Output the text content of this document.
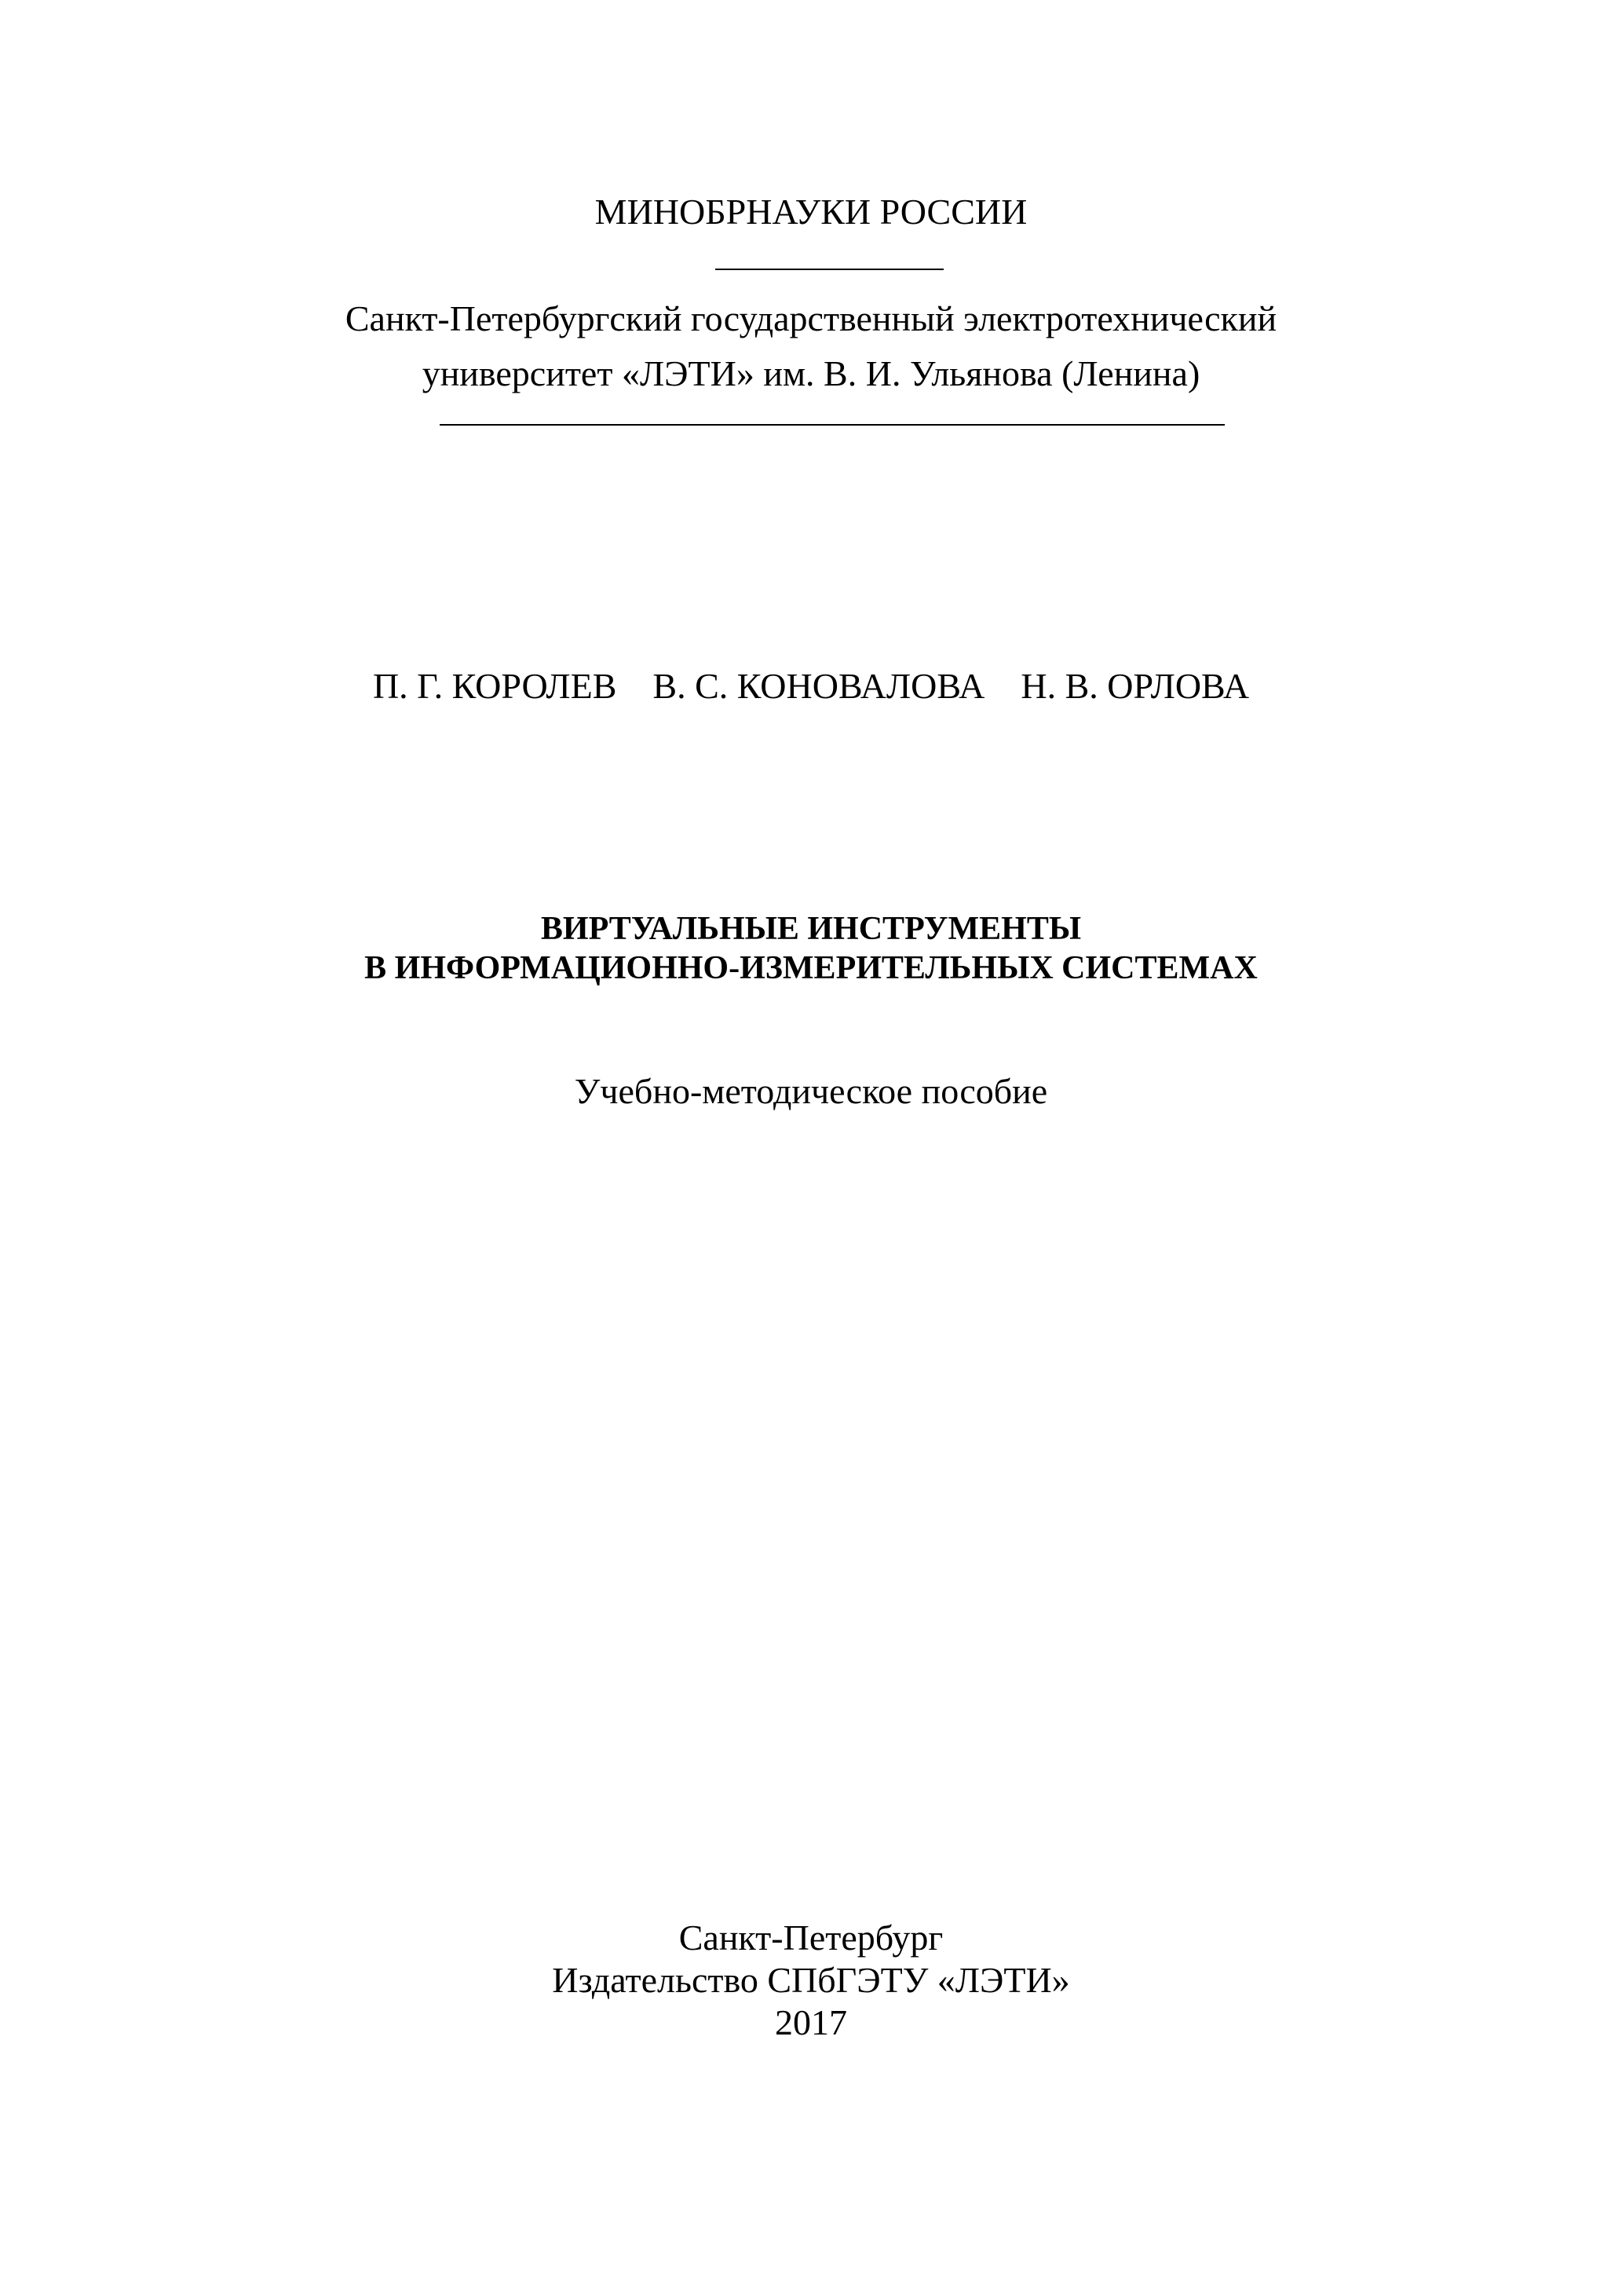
МИНОБРНАУКИ РОССИИ
Санкт-Петербургский государственный электротехнический
университет «ЛЭТИ» им. В. И. Ульянова (Ленина)
П. Г. КОРОЛЕВ В. С. КОНОВАЛОВА Н. В. ОРЛОВА
ВИРТУАЛЬНЫЕ ИНСТРУМЕНТЫ
В ИНФОРМАЦИОННО-ИЗМЕРИТЕЛЬНЫХ СИСТЕМАХ
Учебно-методическое пособие
Санкт-Петербург
Издательство СПбГЭТУ «ЛЭТИ»
2017
